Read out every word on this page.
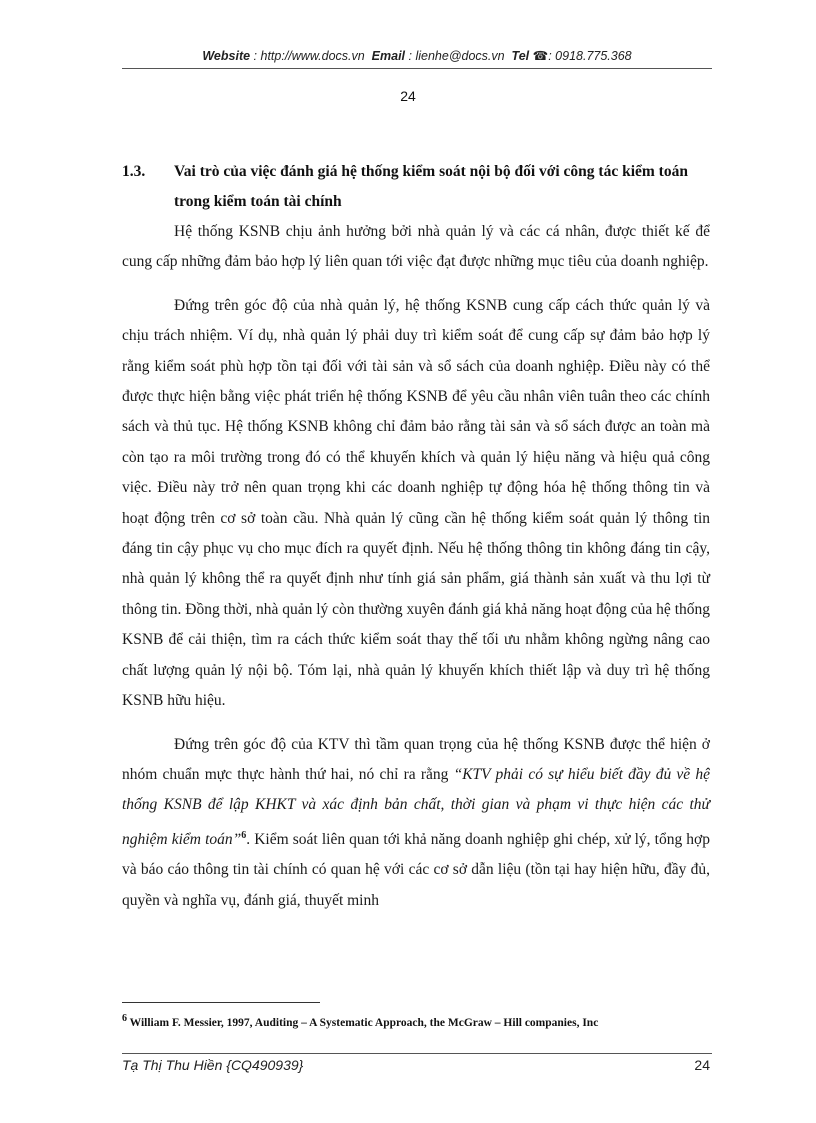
Website : http://www.docs.vn Email : lienhe@docs.vn Tel ☎: 0918.775.368
24
1.3. Vai trò của việc đánh giá hệ thống kiểm soát nội bộ đối với công tác kiểm toán trong kiểm toán tài chính

Hệ thống KSNB chịu ảnh hưởng bởi nhà quản lý và các cá nhân, được thiết kế để cung cấp những đảm bảo hợp lý liên quan tới việc đạt được những mục tiêu của doanh nghiệp.

Đứng trên góc độ của nhà quản lý, hệ thống KSNB cung cấp cách thức quản lý và chịu trách nhiệm. Ví dụ, nhà quản lý phải duy trì kiểm soát để cung cấp sự đảm bảo hợp lý rằng kiểm soát phù hợp tồn tại đối với tài sản và sổ sách của doanh nghiệp. Điều này có thể được thực hiện bằng việc phát triển hệ thống KSNB để yêu cầu nhân viên tuân theo các chính sách và thủ tục. Hệ thống KSNB không chỉ đảm bảo rằng tài sản và sổ sách được an toàn mà còn tạo ra môi trường trong đó có thể khuyến khích và quản lý hiệu năng và hiệu quả công việc. Điều này trở nên quan trọng khi các doanh nghiệp tự động hóa hệ thống thông tin và hoạt động trên cơ sở toàn cầu. Nhà quản lý cũng cần hệ thống kiểm soát quản lý thông tin đáng tin cậy phục vụ cho mục đích ra quyết định. Nếu hệ thống thông tin không đáng tin cậy, nhà quản lý không thể ra quyết định như tính giá sản phẩm, giá thành sản xuất và thu lợi từ thông tin. Đồng thời, nhà quản lý còn thường xuyên đánh giá khả năng hoạt động của hệ thống KSNB để cải thiện, tìm ra cách thức kiểm soát thay thế tối ưu nhằm không ngừng nâng cao chất lượng quản lý nội bộ. Tóm lại, nhà quản lý khuyến khích thiết lập và duy trì hệ thống KSNB hữu hiệu.

Đứng trên góc độ của KTV thì tầm quan trọng của hệ thống KSNB được thể hiện ở nhóm chuẩn mực thực hành thứ hai, nó chỉ ra rằng “KTV phải có sự hiểu biết đầy đủ về hệ thống KSNB để lập KHKT và xác định bản chất, thời gian và phạm vi thực hiện các thử nghiệm kiểm toán”$^6$. Kiểm soát liên quan tới khả năng doanh nghiệp ghi chép, xử lý, tổng hợp và báo cáo thông tin tài chính có quan hệ với các cơ sở dẫn liệu (tồn tại hay hiện hữu, đầy đủ, quyền và nghĩa vụ, đánh giá, thuyết minh

6 William F. Messier, 1997, Auditing – A Systematic Approach, the McGraw – Hill companies, Inc
Tạ Thị Thu Hiền {CQ490939}	24
